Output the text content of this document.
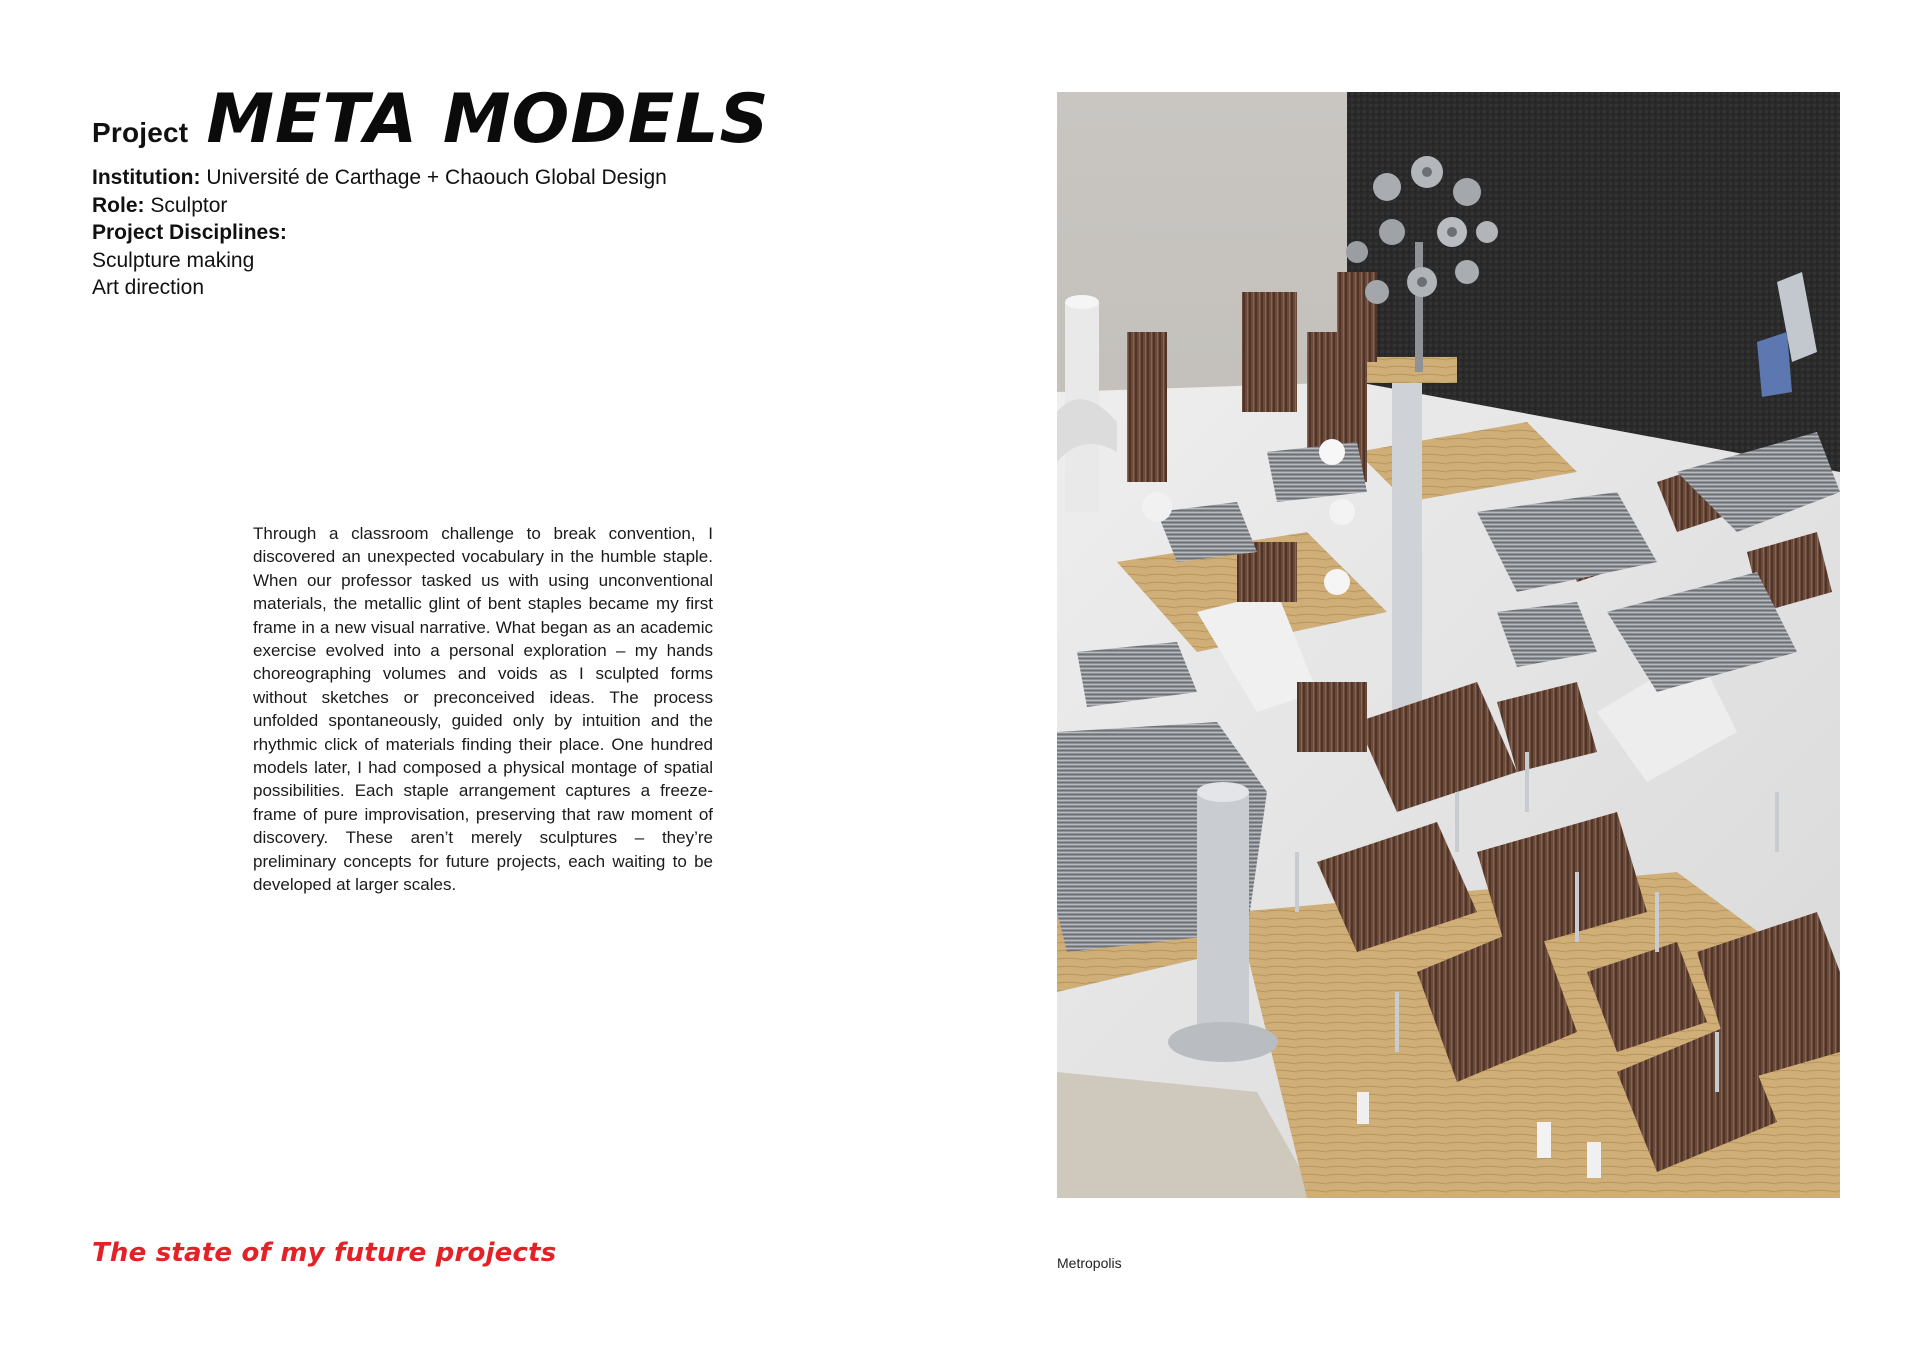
Project META MODELS
Institution: Université de Carthage + Chaouch Global Design
Role: Sculptor
Project Disciplines:
Sculpture making
Art direction

Through a classroom challenge to break convention, I discovered an unexpected vocabulary in the humble staple. When our professor tasked us with using unconventional materials, the metallic glint of bent staples became my first frame in a new visual narrative. What began as an academic exercise evolved into a personal exploration – my hands choreographing volumes and voids as I sculpted forms without sketches or preconceived ideas. The process unfolded spontaneously, guided only by intuition and the rhythmic click of materials finding their place. One hundred models later, I had composed a physical montage of spatial possibilities. Each staple arrangement captures a freeze-frame of pure improvisation, preserving that raw moment of discovery. These aren’t merely sculptures – they’re preliminary concepts for future projects, each waiting to be developed at larger scales.

The state of my future projects	Metropolis
